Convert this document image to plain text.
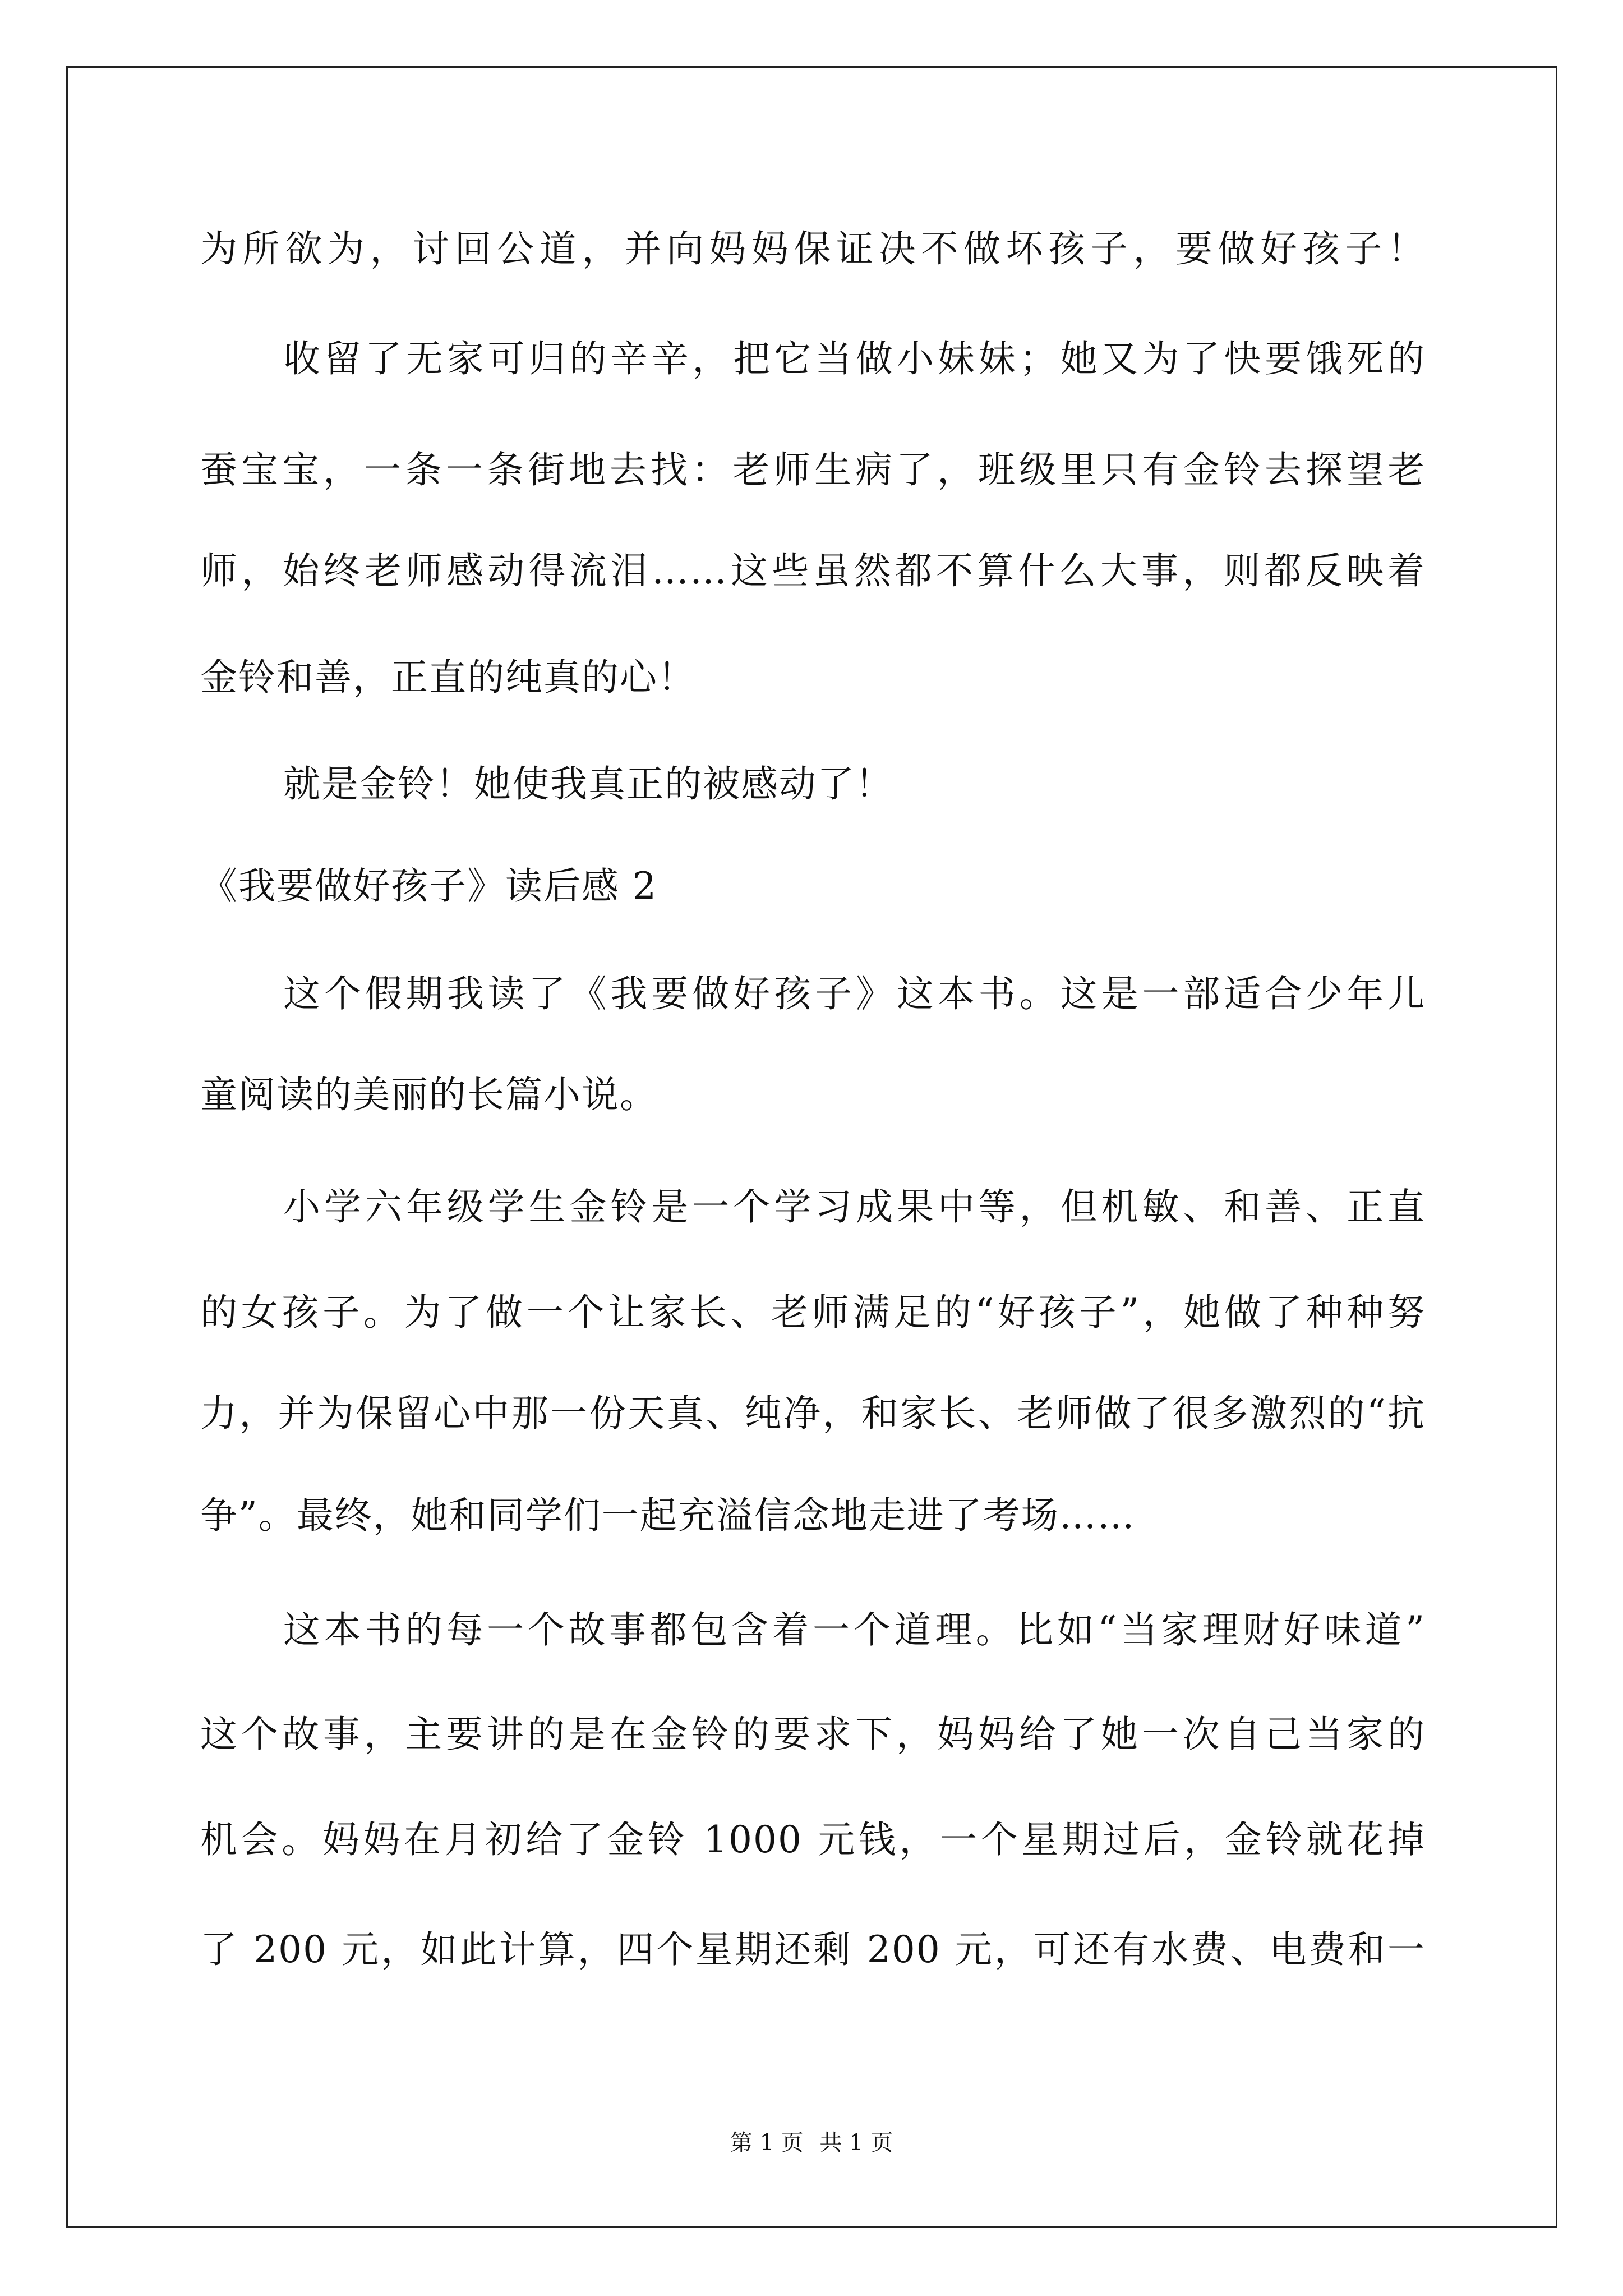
为所欲为，讨回公道，并向妈妈保证决不做坏孩子，要做好孩子！
收留了无家可归的辛辛，把它当做小妹妹；她又为了快要饿死的
蚕宝宝，一条一条街地去找：老师生病了，班级里只有金铃去探望老
师，始终老师感动得流泪……这些虽然都不算什么大事，则都反映着
金铃和善，正直的纯真的心！
就是金铃！她使我真正的被感动了！
《我要做好孩子》读后感 2
这个假期我读了《我要做好孩子》这本书。这是一部适合少年儿
童阅读的美丽的长篇小说。
小学六年级学生金铃是一个学习成果中等，但机敏、和善、正直
的女孩子。为了做一个让家长、老师满足的“好孩子”，她做了种种努
力，并为保留心中那一份天真、纯净，和家长、老师做了很多激烈的“抗
争”。最终，她和同学们一起充溢信念地走进了考场……
这本书的每一个故事都包含着一个道理。比如“当家理财好味道”
这个故事，主要讲的是在金铃的要求下，妈妈给了她一次自己当家的
机会。妈妈在月初给了金铃 1000 元钱，一个星期过后，金铃就花掉
了 200 元，如此计算，四个星期还剩 200 元，可还有水费、电费和一
第 1 页 共 1 页
